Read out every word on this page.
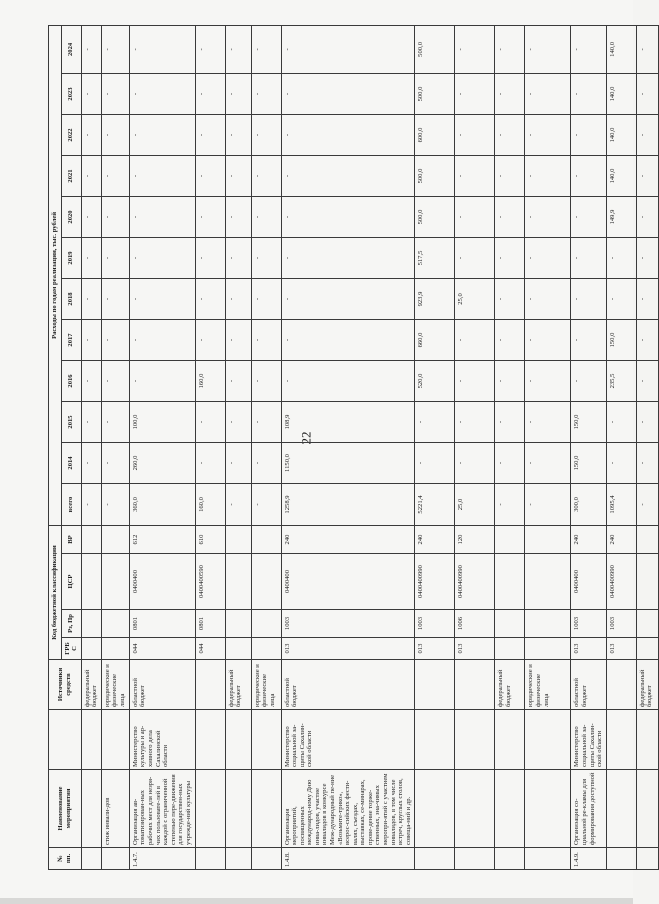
22
№ пп.	Наименование мероприятия		Источники средств	Код бюджетной классификации				Расходы по годам реализации, тыс. рублей											
				ГРБС	Рз, Пр	ЦСР	ВР	всего	2014	2015	2016	2017	2018	2019	2020	2021	2022	2023	2024
			федеральный бюджет					-	-	-	-	-	-	-	-	-	-	-	-
	стиж инвали-дов		юридические и физические лица					-	-	-	-	-	-	-	-	-	-	-	-
1.4.7.	Организация ав-томатизирован-ных рабочих мест для незря-чих пользовате-лей в каждой с ограниченной степенью пере-движения для государствен-ных учрежде-ний культуры	Министерство культуры и ар-хивного дела Сахалинской области	областной бюджет	044	0801	0400400	612	360,0	260,0	100,0	-	-	-	-	-	-	-	-	-
				044	0801	0400400590	610	160,0	-	-	160,0	-	-	-	-	-	-	-	-
			федеральный бюджет					-	-	-	-	-	-	-	-	-	-	-	-
			юридические и физические лица					-	-	-	-	-	-	-	-	-	-	-	-
1.4.8.	Организация мероприятий, посвященных международ-ному Дню инва-лидов, участие инвалидов в конкурсе Меж-дународный пе-ние «Возьмите-трико», всерос-сийских фести-валях, съездах, выставках, се-минарах, прове-дение торже-ственных, зна-чимых меропри-ятий с участием инвалидов, в том числе встреч, круглых столов, совеща-ний и др.	Министерство социальной за-щиты Сахалин-ской области	областной бюджет	013	1003	0400400	240	1258,9	1150,0	108,9	-	-	-	-	-	-	-	-	-
				013	1003	0400400990	240	5221,4	-	-	520,0	660,0	923,9	517,5	500,0	500,0	600,0	500,0	500,0
				013	1006	0400400990	120	25,0	-	-	-	-	25,0	-	-	-	-	-	-
			федеральный бюджет					-	-	-	-	-	-	-	-	-	-	-	-
			юридические и физические лица					-	-	-	-	-	-	-	-	-	-	-	-
1.4.9.	Организация со-циальной ре-кламы для формирования доступной	Министерство социальной за-щиты Сахалин-ской области	областной бюджет	013	1003	0400400	240	300,0	150,0	150,0	-	-	-	-	-	-	-	-	-
				013	1003	0400400990	240	1095,4	-	-	235,5	150,0	-	-	149,9	140,0	140,0	140,0	140,0
			федеральный бюджет					-	-	-	-	-	-	-	-	-	-	-	-
